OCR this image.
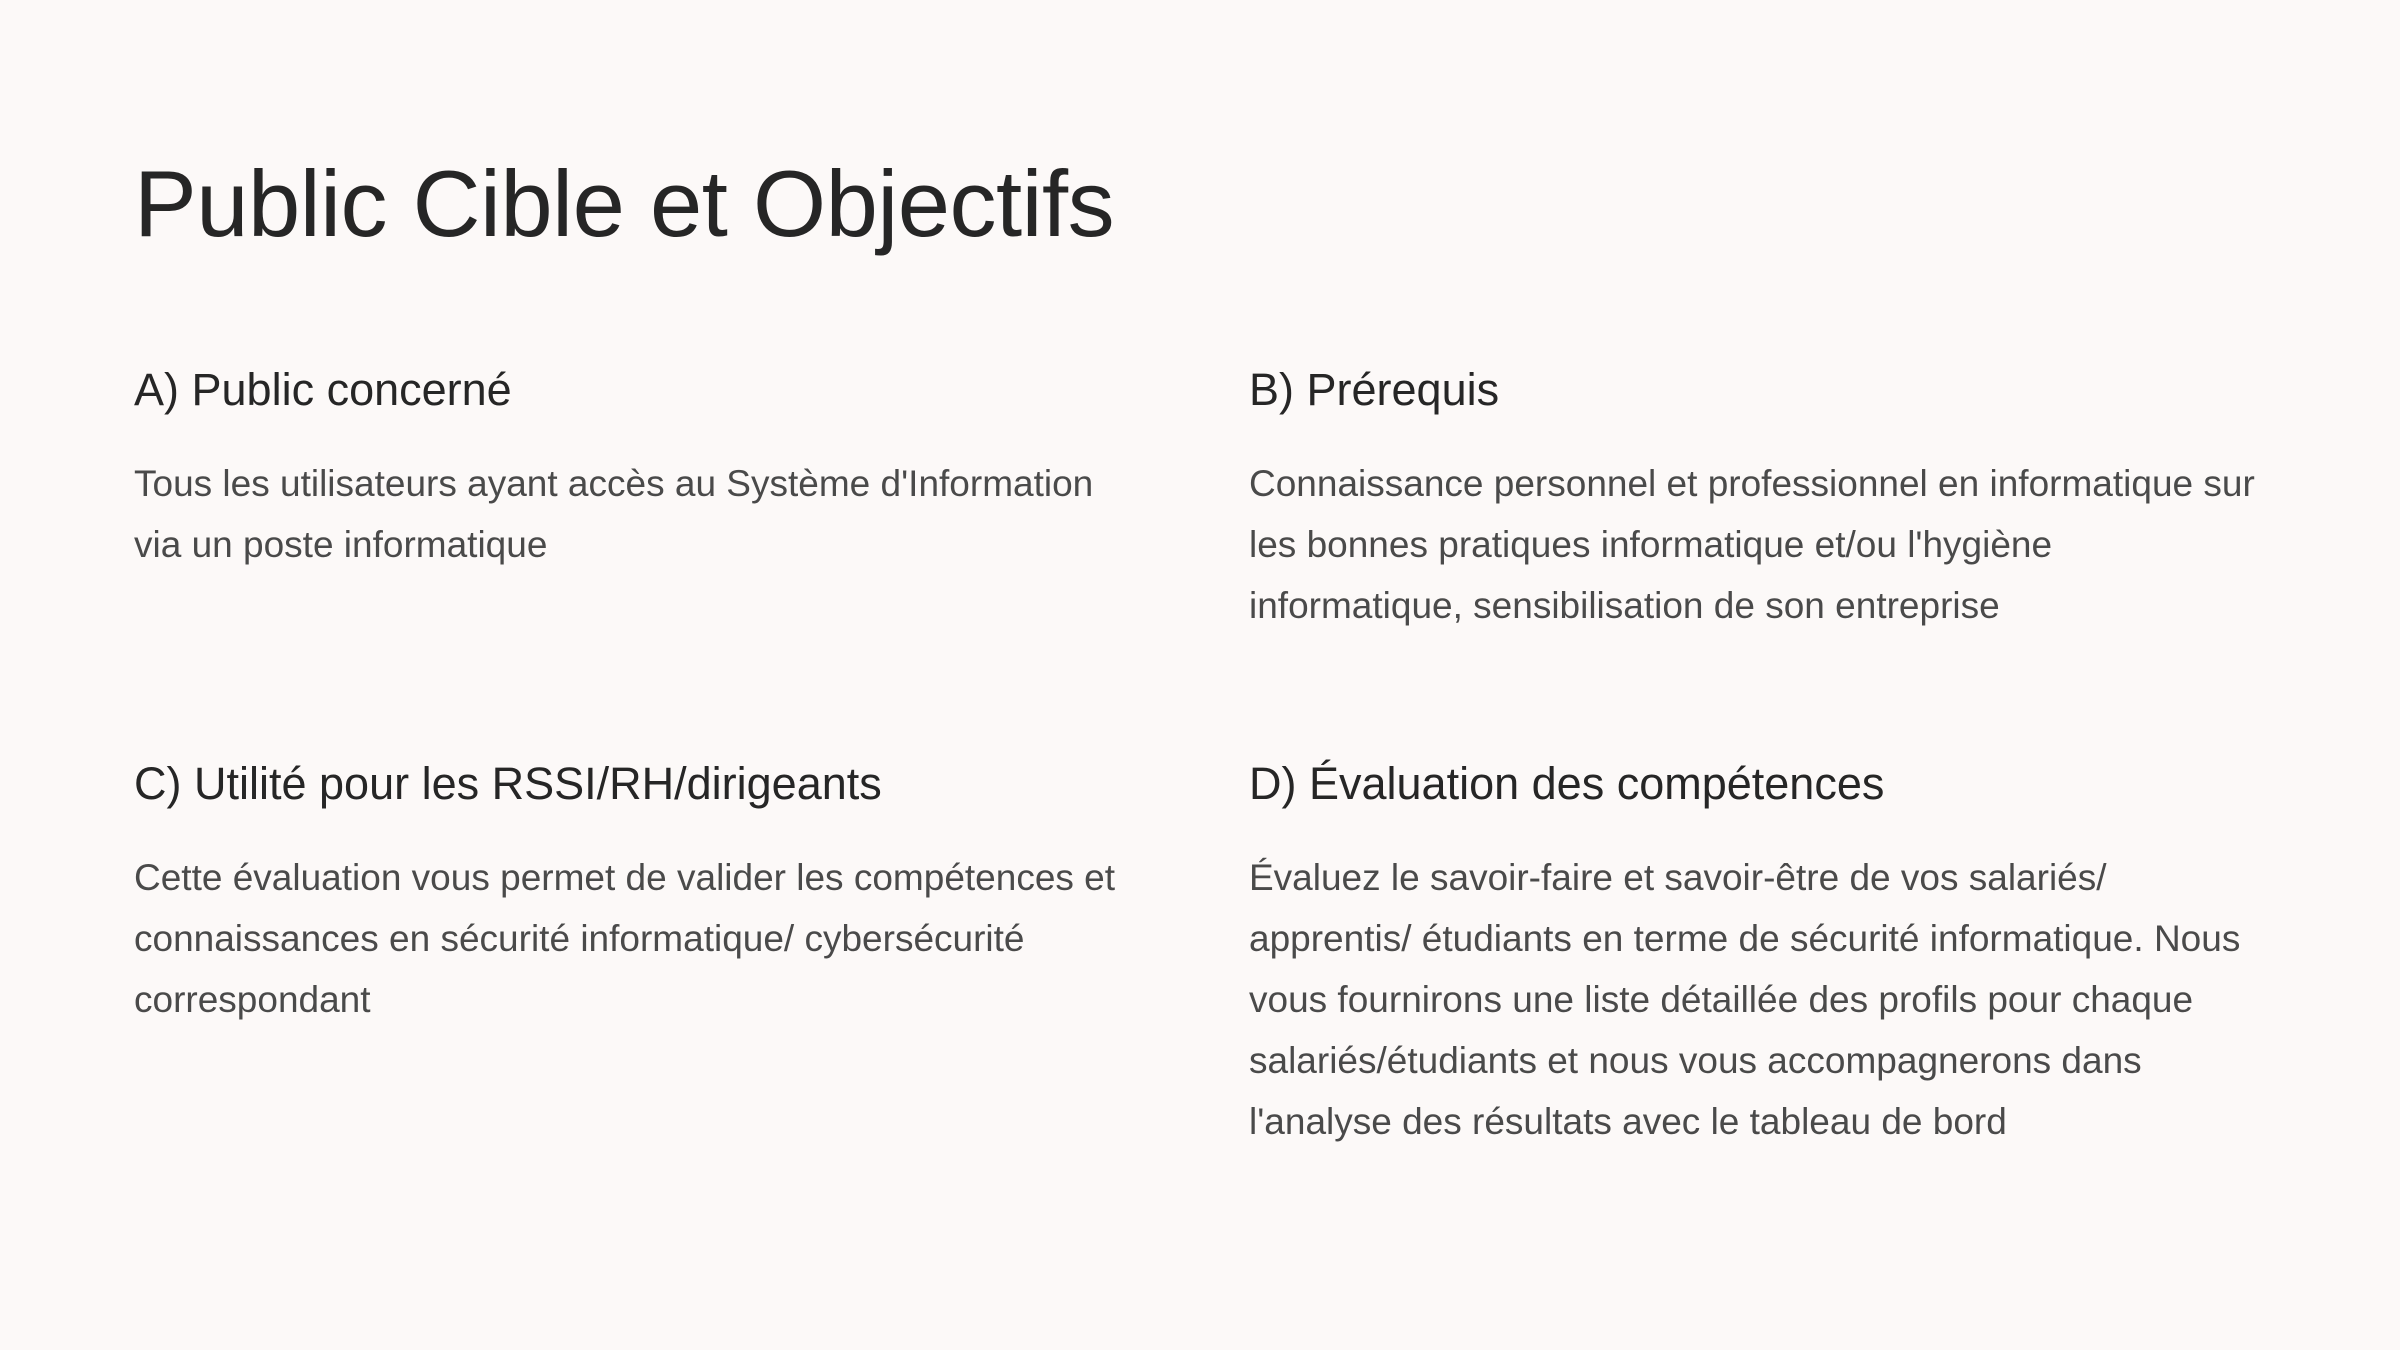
Public Cible et Objectifs
A) Public concerné

Tous les utilisateurs ayant accès au Système d'Information via un poste informatique

B) Prérequis

Connaissance personnel et professionnel en informatique sur les bonnes pratiques informatique et/ou l'hygiène informatique, sensibilisation de son entreprise

C) Utilité pour les RSSI/RH/dirigeants

Cette évaluation vous permet de valider les compétences et connaissances en sécurité informatique/ cybersécurité correspondant

D) Évaluation des compétences

Évaluez le savoir-faire et savoir-être de vos salariés/ apprentis/ étudiants en terme de sécurité informatique. Nous vous fournirons une liste détaillée des profils pour chaque salariés/étudiants et nous vous accompagnerons dans l'analyse des résultats avec le tableau de bord
